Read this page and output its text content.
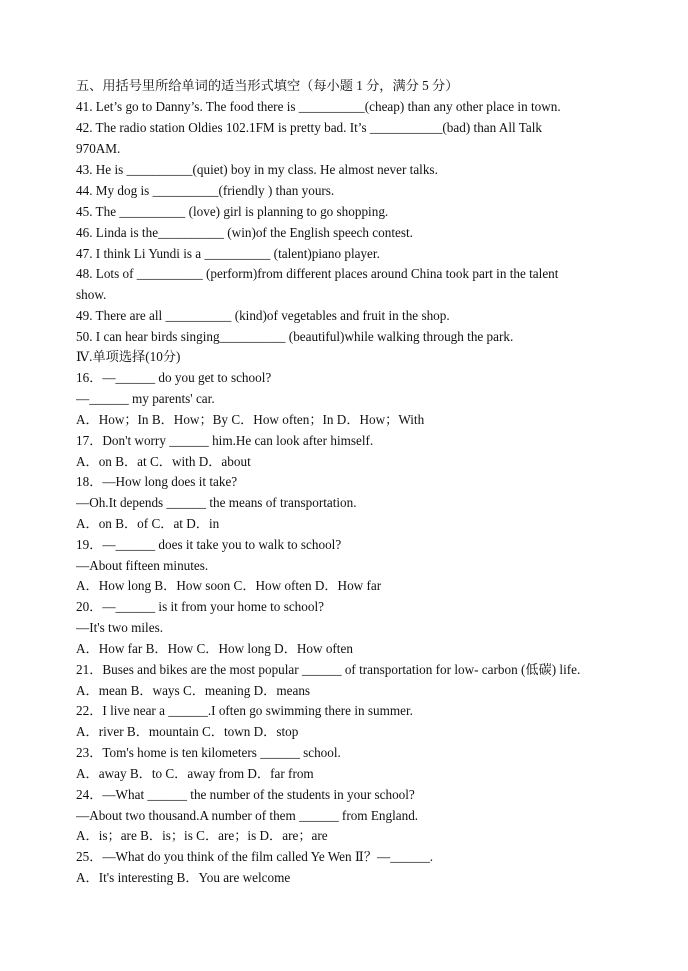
五、用括号里所给单词的适当形式填空（每小题 1 分，满分 5 分）
41. Let’s go to Danny’s. The food there is __________(cheap) than any other place in town.
42. The radio station Oldies 102.1FM is pretty bad. It’s ___________(bad) than All Talk
970AM.
43. He is __________(quiet) boy in my class. He almost never talks.
44. My dog is __________(friendly ) than yours.
45. The __________ (love) girl is planning to go shopping.
46. Linda is the__________ (win)of the English speech contest.
47. I think Li Yundi is a __________ (talent)piano player.
48. Lots of __________ (perform)from different places around China took part in the talent
show.
49. There are all __________ (kind)of vegetables and fruit in the shop.
50. I can hear birds singing__________ (beautiful)while walking through the park.
Ⅳ.单项选择(10分)
16．—______ do you get to school?
—______ my parents' car.
A．How；In B．How；By C．How often；In D．How；With
17．Don't worry ______ him.He can look after himself.
A．on B．at C．with D．about
18．—How long does it take?
—Oh.It depends ______ the means of transportation.
A．on B．of C．at D．in
19．—______ does it take you to walk to school?
—About fifteen minutes.
A．How long B．How soon C．How often D．How far
20．—______ is it from your home to school?
—It's two miles.
A．How far B．How C．How long D．How often
21．Buses and bikes are the most popular ______ of transportation for low- carbon (低碳) life.
A．mean B．ways C．meaning D．means
22．I live near a ______.I often go swimming there in summer.
A．river B．mountain C．town D．stop
23．Tom's home is ten kilometers ______ school.
A．away B．to C．away from D．far from
24．—What ______ the number of the students in your school?
—About two thousand.A number of them ______ from England.
A．is；are B．is；is C．are；is D．are；are
25．—What do you think of the film called Ye Wen Ⅱ？—______.
A．It's interesting B．You are welcome
